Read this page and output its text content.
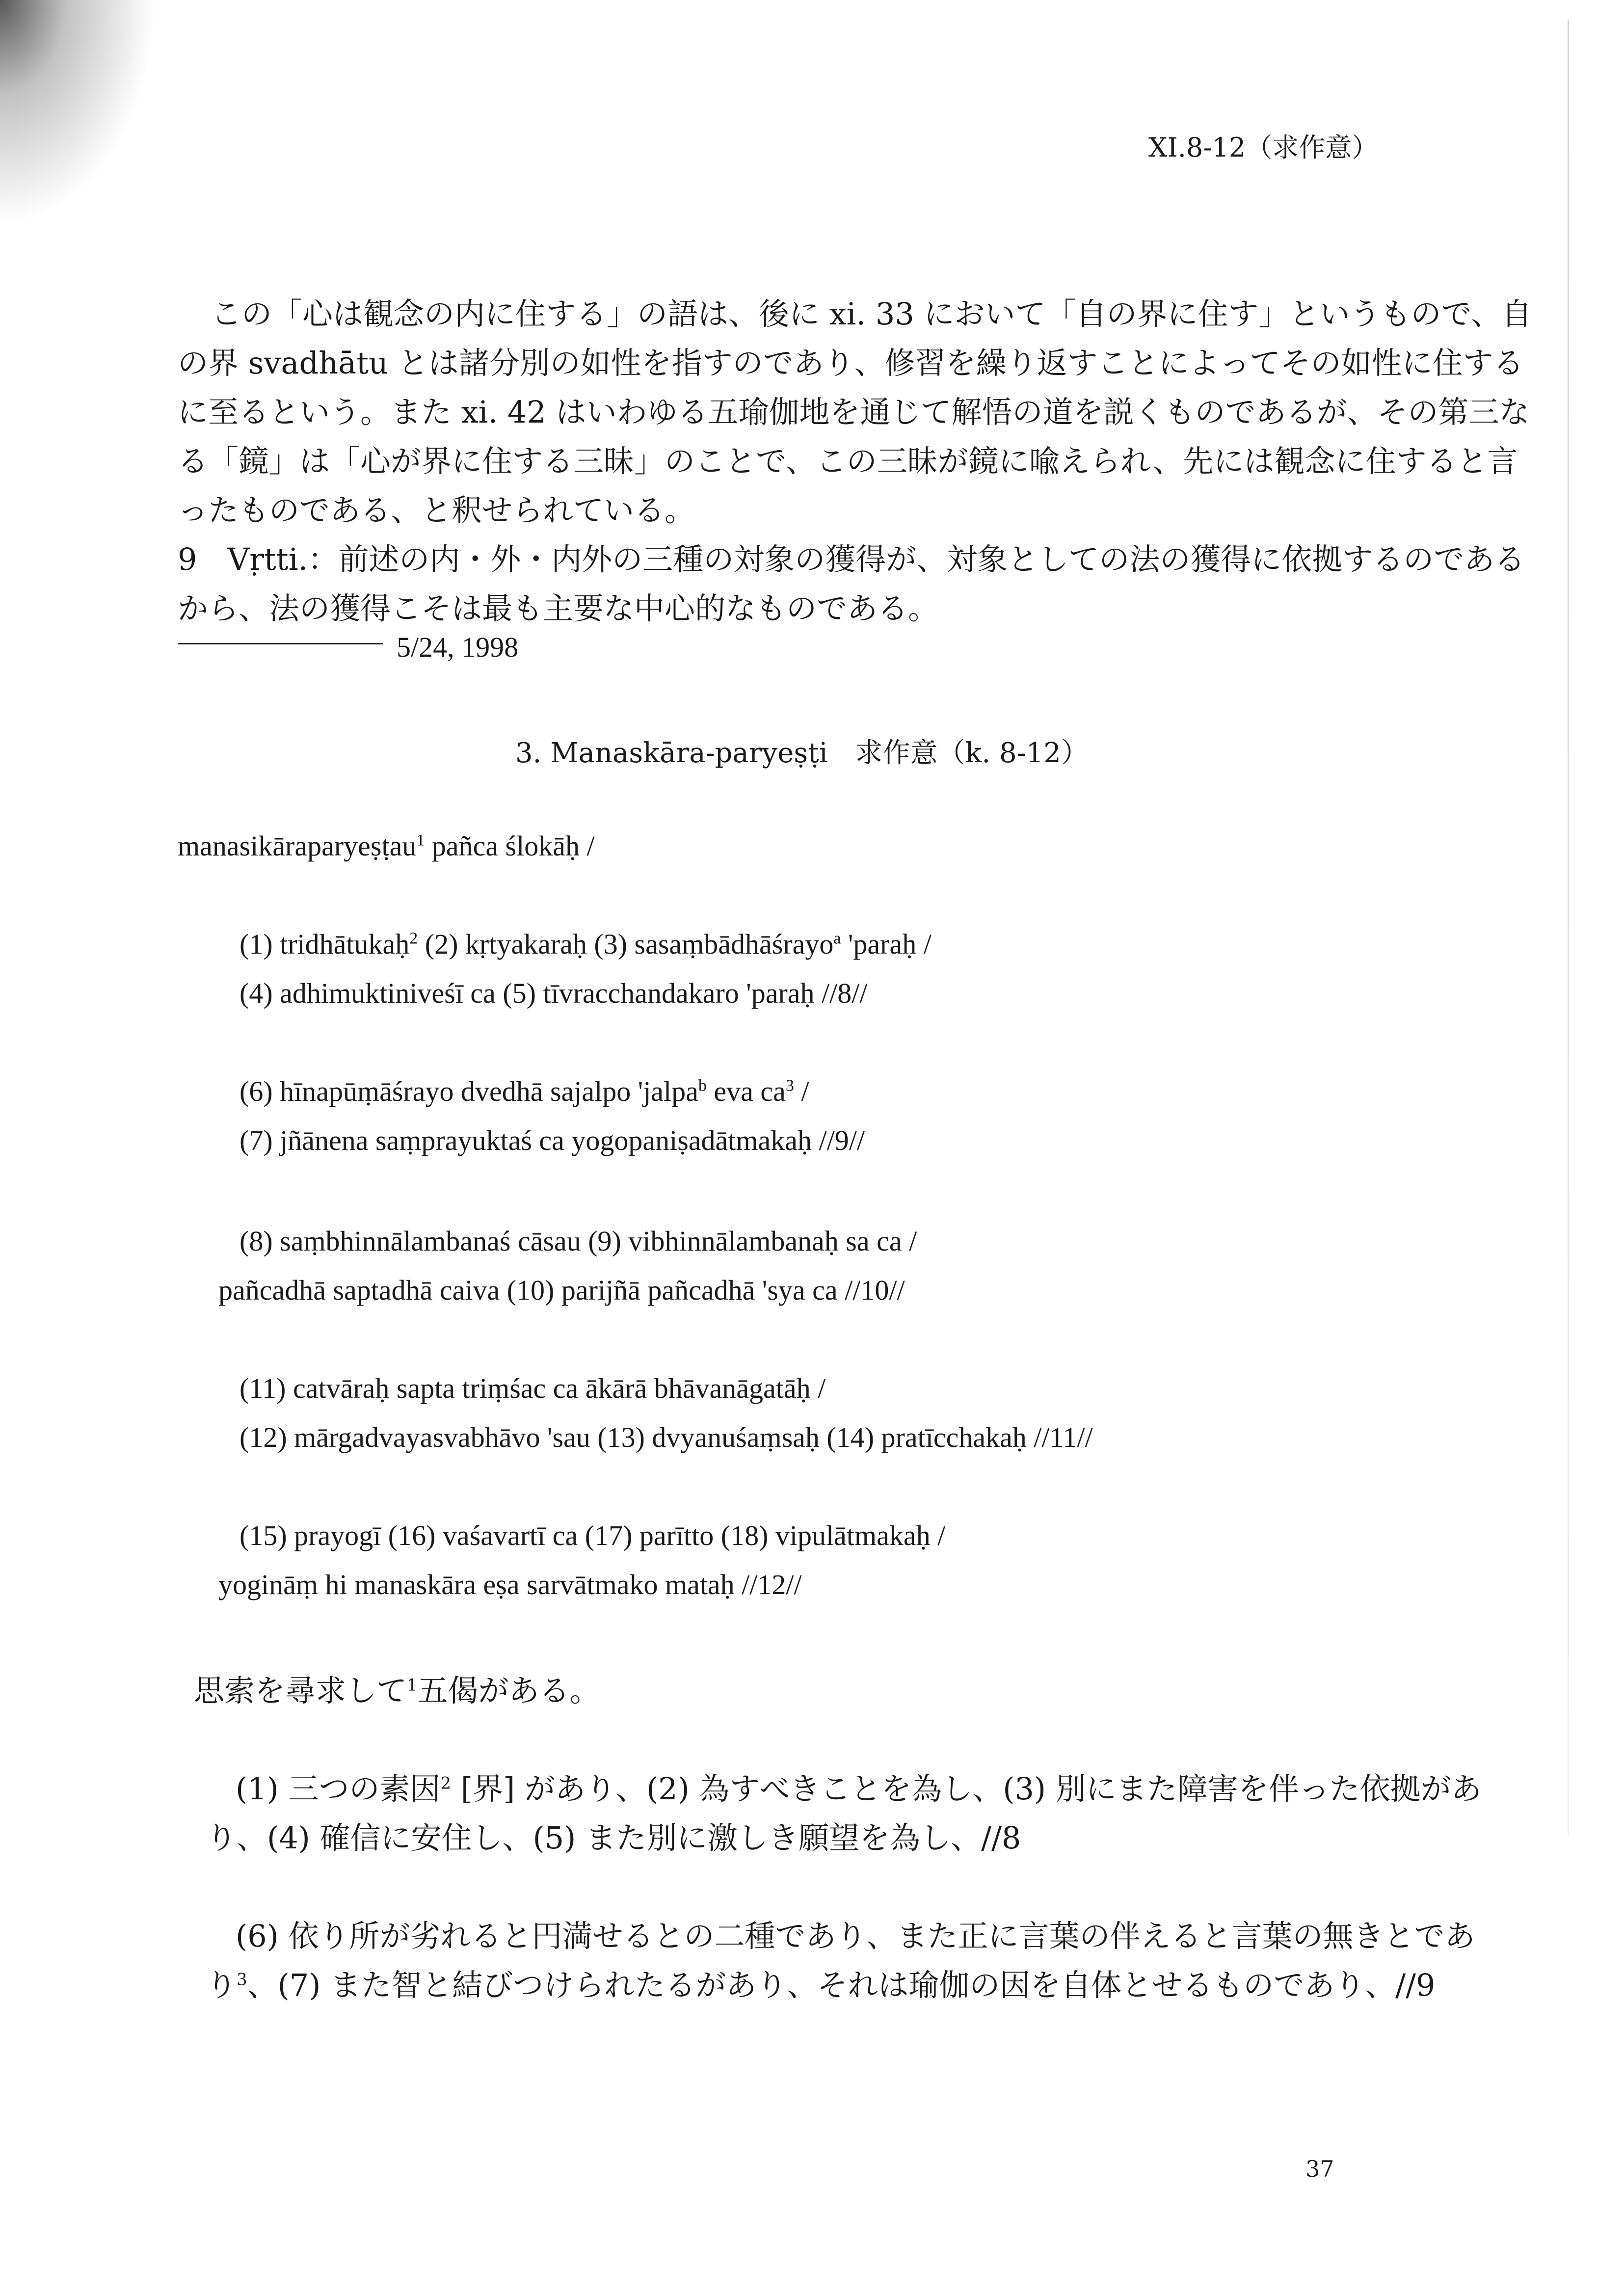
XI.8-12（求作意）
この「心は観念の内に住する」の語は、後に xi. 33 において「自の界に住す」というもので、自
の界 svadhātu とは諸分別の如性を指すのであり、修習を繰り返すことによってその如性に住する
に至るという。また xi. 42 はいわゆる五瑜伽地を通じて解悟の道を説くものであるが、その第三な
る「鏡」は「心が界に住する三昧」のことで、この三昧が鏡に喩えられ、先には観念に住すると言
ったものである、と釈せられている。
9　Vṛtti.：前述の内・外・内外の三種の対象の獲得が、対象としての法の獲得に依拠するのである
から、法の獲得こそは最も主要な中心的なものである。
5/24, 1998
3. Manaskāra-paryeṣṭi　求作意（k. 8-12）
manasikāraparyeṣṭau$^1$ pañca ślokāḥ /
(1) tridhātukaḥ$^2$ (2) kṛtyakaraḥ (3) sasaṃbādhāśrayo$^a$ 'paraḥ /
(4) adhimuktiniveśī ca (5) tīvracchandakaro 'paraḥ //8//
(6) hīnapūṃāśrayo dvedhā sajalpo 'jalpa$^b$ eva $ca^3$ /
(7) jñānena saṃprayuktaś ca yogopaniṣadātmakaḥ //9//
(8) saṃbhinnālambanaś cāsau (9) vibhinnālambanaḥ sa ca /
pañcadhā saptadhā caiva (10) parijñā pañcadhā 'sya ca //10//
(11) catvāraḥ sapta triṃśac ca ākārā bhāvanāgatāḥ /
(12) mārgadvayasvabhāvo 'sau (13) dvyanuśaṃsaḥ (14) pratīcchakaḥ //11//
(15) prayogī (16) vaśavartī ca (17) parītto (18) vipulātmakaḥ /
yogināṃ hi manaskāra eṣa sarvātmako mataḥ //12//
思索を尋求して$^1$五偈がある。
(1) 三つの素因$^2$ [界] があり、(2) 為すべきことを為し、(3) 別にまた障害を伴った依拠があ
り、(4) 確信に安住し、(5) また別に激しき願望を為し、//8
(6) 依り所が劣れると円満せるとの二種であり、また正に言葉の伴えると言葉の無きとであ
り$^3$、(7) また智と結びつけられたるがあり、それは瑜伽の因を自体とせるものであり、//9
37
